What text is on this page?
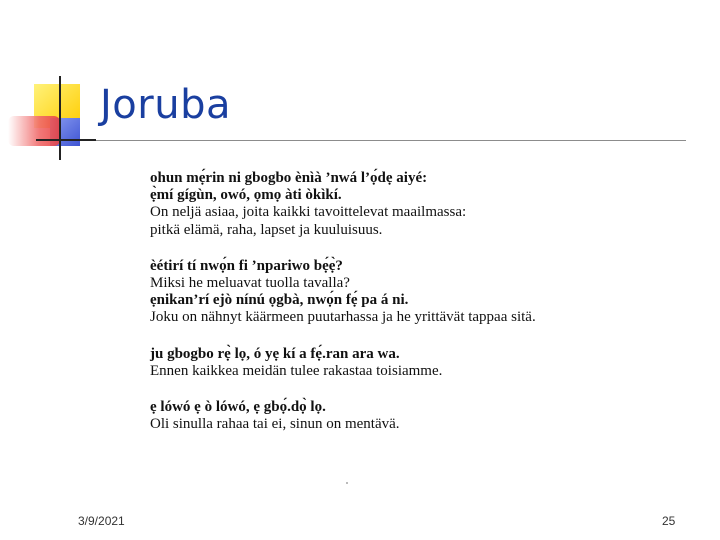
Joruba
ohun mẹ́rin ni gbogbo ènìà ’nwá l’ọ́dẹ aiyé:
ẹ̀mí gígùn, owó, ọmọ àti òkìkí.
On neljä asiaa, joita kaikki tavoittelevat maailmassa:
pitkä elämä, raha, lapset ja kuuluisuus.
èétirí tí nwọ́n fi ’npariwo bẹ́ẹ̀?
Miksi he meluavat tuolla tavalla?
ẹnikan’rí ejò nínú ọgbà, nwọ́n fẹ́ pa á ni.
Joku on nähnyt käärmeen puutarhassa ja he yrittävät tappaa sitä.
ju gbogbo rẹ̀ lọ, ó yẹ kí a fẹ́.ran ara wa.
Ennen kaikkea meidän tulee rakastaa toisiamme.
ẹ lówó ẹ ò lówó, ẹ gbọ́.dọ̀ lọ.
Oli sinulla rahaa tai ei, sinun on mentävä.
3/9/2021	25
